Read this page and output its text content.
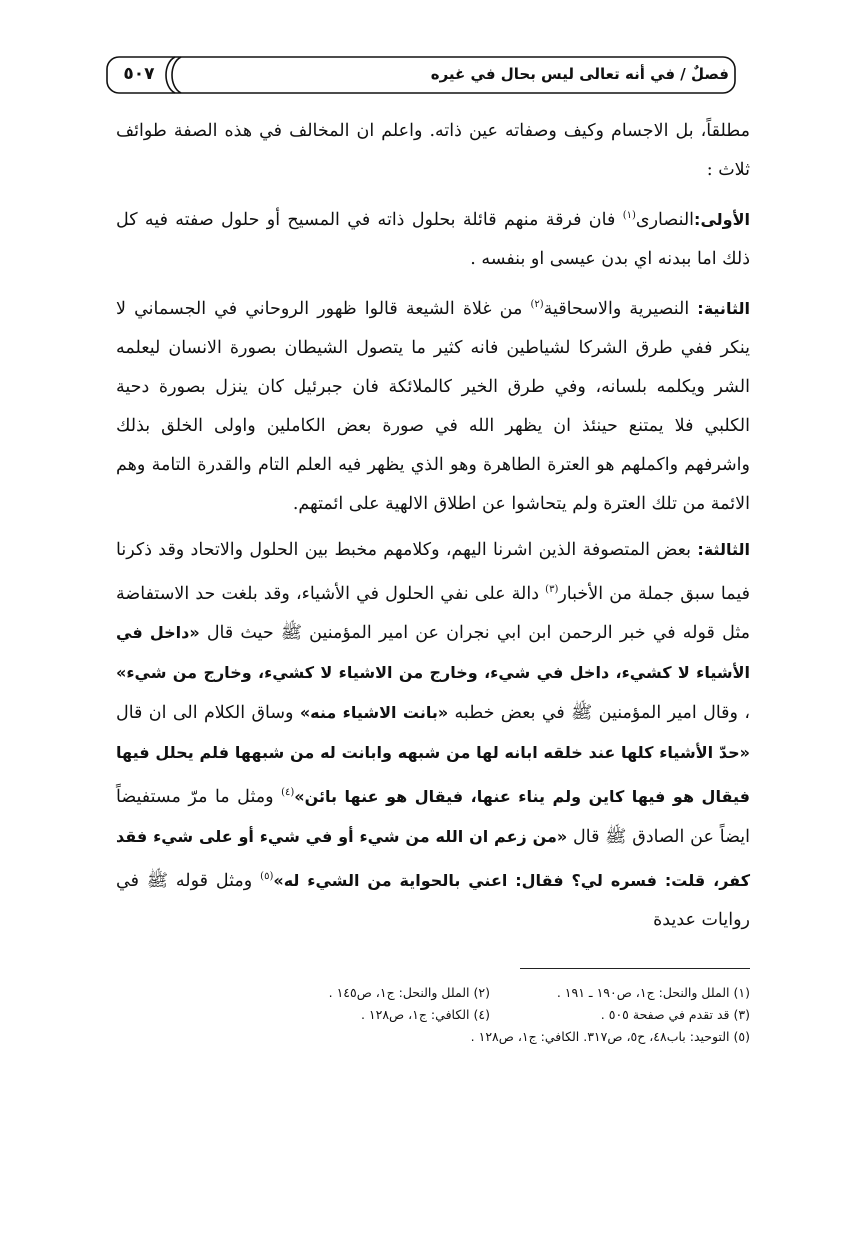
٥٠٧	فصلٌ / في أنه تعالى ليس بحال في غيره

مطلقاً، بل الاجسام وكيف وصفاته عين ذاته. واعلم ان المخالف في هذه الصفة طوائف ثلاث :

الأولى:النصارى$^{(١)}$ فان فرقة منهم قائلة بحلول ذاته في المسيح أو حلول صفته فيه كل ذلك اما ببدنه اي بدن عيسى او بنفسه .

الثانية: النصيرية والاسحاقية$^{(٢)}$ من غلاة الشيعة قالوا ظهور الروحاني في الجسماني لا ينكر ففي طرق الشركا لشياطين فانه كثير ما يتصول الشيطان بصورة الانسان ليعلمه الشر ويكلمه بلسانه، وفي طرق الخير كالملائكة فان جبرئيل كان ينزل بصورة دحية الكلبي فلا يمتنع حينئذ ان يظهر الله في صورة بعض الكاملين واولى الخلق بذلك واشرفهم واكملهم هو العترة الطاهرة وهو الذي يظهر فيه العلم التام والقدرة التامة وهم الائمة من تلك العترة ولم يتحاشوا عن اطلاق الالهية على ائمتهم.

الثالثة: بعض المتصوفة الذين اشرنا اليهم، وكلامهم مخبط بين الحلول والاتحاد وقد ذكرنا فيما سبق جملة من الأخبار$^{(٣)}$ دالة على نفي الحلول في الأشياء، وقد بلغت حد الاستفاضة مثل قوله في خبر الرحمن ابن ابي نجران عن امير المؤمنين ﷺ حيث قال «داخل في الأشياء لا كشيء، داخل في شيء، وخارج من الاشياء لا كشيء، وخارج من شيء» ، وقال امير المؤمنين ﷺ في بعض خطبه «بانت الاشياء منه» وساق الكلام الى ان قال «حدّ الأشياء كلها عند خلقه ابانه لها من شبهه وابانت له من شبهها فلم يحلل فيها فيقال هو فيها كاين ولم يناء عنها، فيقال هو عنها بائن»$^{(٤)}$ ومثل ما مرّ مستفيضاً ايضاً عن الصادق ﷺ قال «من زعم ان الله من شيء أو في شيء أو على شيء فقد كفر، قلت: فسره لي؟ فقال: اعني بالحواية من الشيء له»$^{(٥)}$ ومثل قوله ﷺ في روايات عديدة

(١) الملل والنحل: ج١، ص١٩٠ ـ ١٩١ .
(٢) الملل والنحل: ج١، ص١٤٥ .
(٣) قد تقدم في صفحة ٥٠٥ .
(٤) الكافي: ج١، ص١٢٨ .
(٥) التوحيد: باب٤٨، ح٥، ص٣١٧. الكافي: ج١، ص١٢٨ .
